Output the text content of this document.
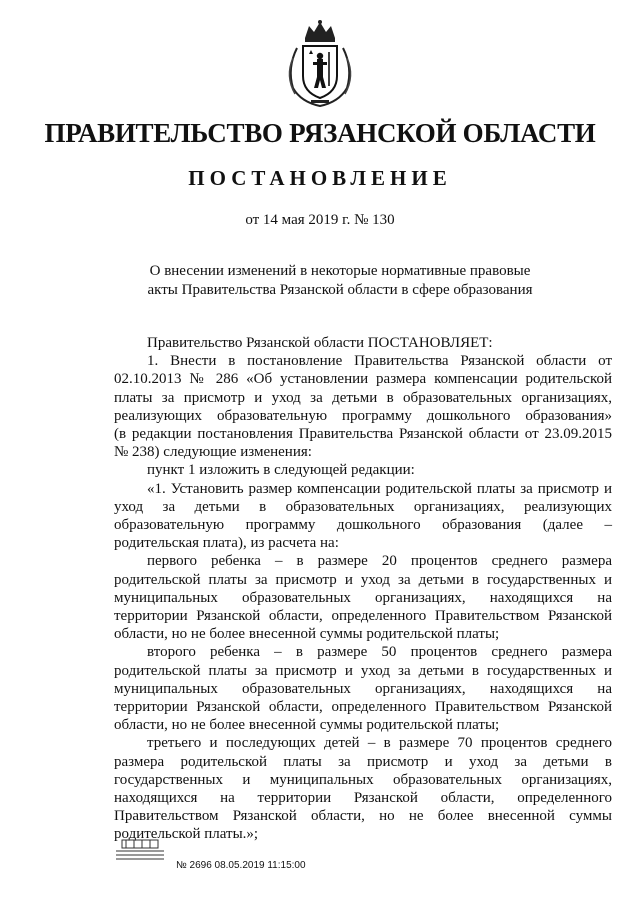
ПРАВИТЕЛЬСТВО РЯЗАНСКОЙ ОБЛАСТИ
ПОСТАНОВЛЕНИЕ
от 14 мая 2019 г. № 130
О внесении изменений в некоторые нормативные правовые
акты Правительства Рязанской области в сфере образования
Правительство Рязанской области ПОСТАНОВЛЯЕТ:
1. Внести в постановление Правительства Рязанской области от
02.10.2013 № 286 «Об установлении размера компенсации родительской
платы за присмотр и уход за детьми в образовательных организациях,
реализующих образовательную программу дошкольного образования»
(в редакции постановления Правительства Рязанской области от 23.09.2015
№ 238) следующие изменения:
пункт 1 изложить в следующей редакции:
«1. Установить размер компенсации родительской платы за присмотр и
уход за детьми в образовательных организациях, реализующих
образовательную программу дошкольного образования (далее –
родительская плата), из расчета на:
первого ребенка – в размере 20 процентов среднего размера
родительской платы за присмотр и уход за детьми в государственных и
муниципальных образовательных организациях, находящихся на
территории Рязанской области, определенного Правительством Рязанской
области, но не более внесенной суммы родительской платы;
второго ребенка – в размере 50 процентов среднего размера
родительской платы за присмотр и уход за детьми в государственных и
муниципальных образовательных организациях, находящихся на
территории Рязанской области, определенного Правительством Рязанской
области, но не более внесенной суммы родительской платы;
третьего и последующих детей – в размере 70 процентов среднего
размера родительской платы за присмотр и уход за детьми в
государственных и муниципальных образовательных организациях,
находящихся на территории Рязанской области, определенного
Правительством Рязанской области, но не более внесенной суммы
родительской платы.»;
№ 2696 08.05.2019 11:15:00
